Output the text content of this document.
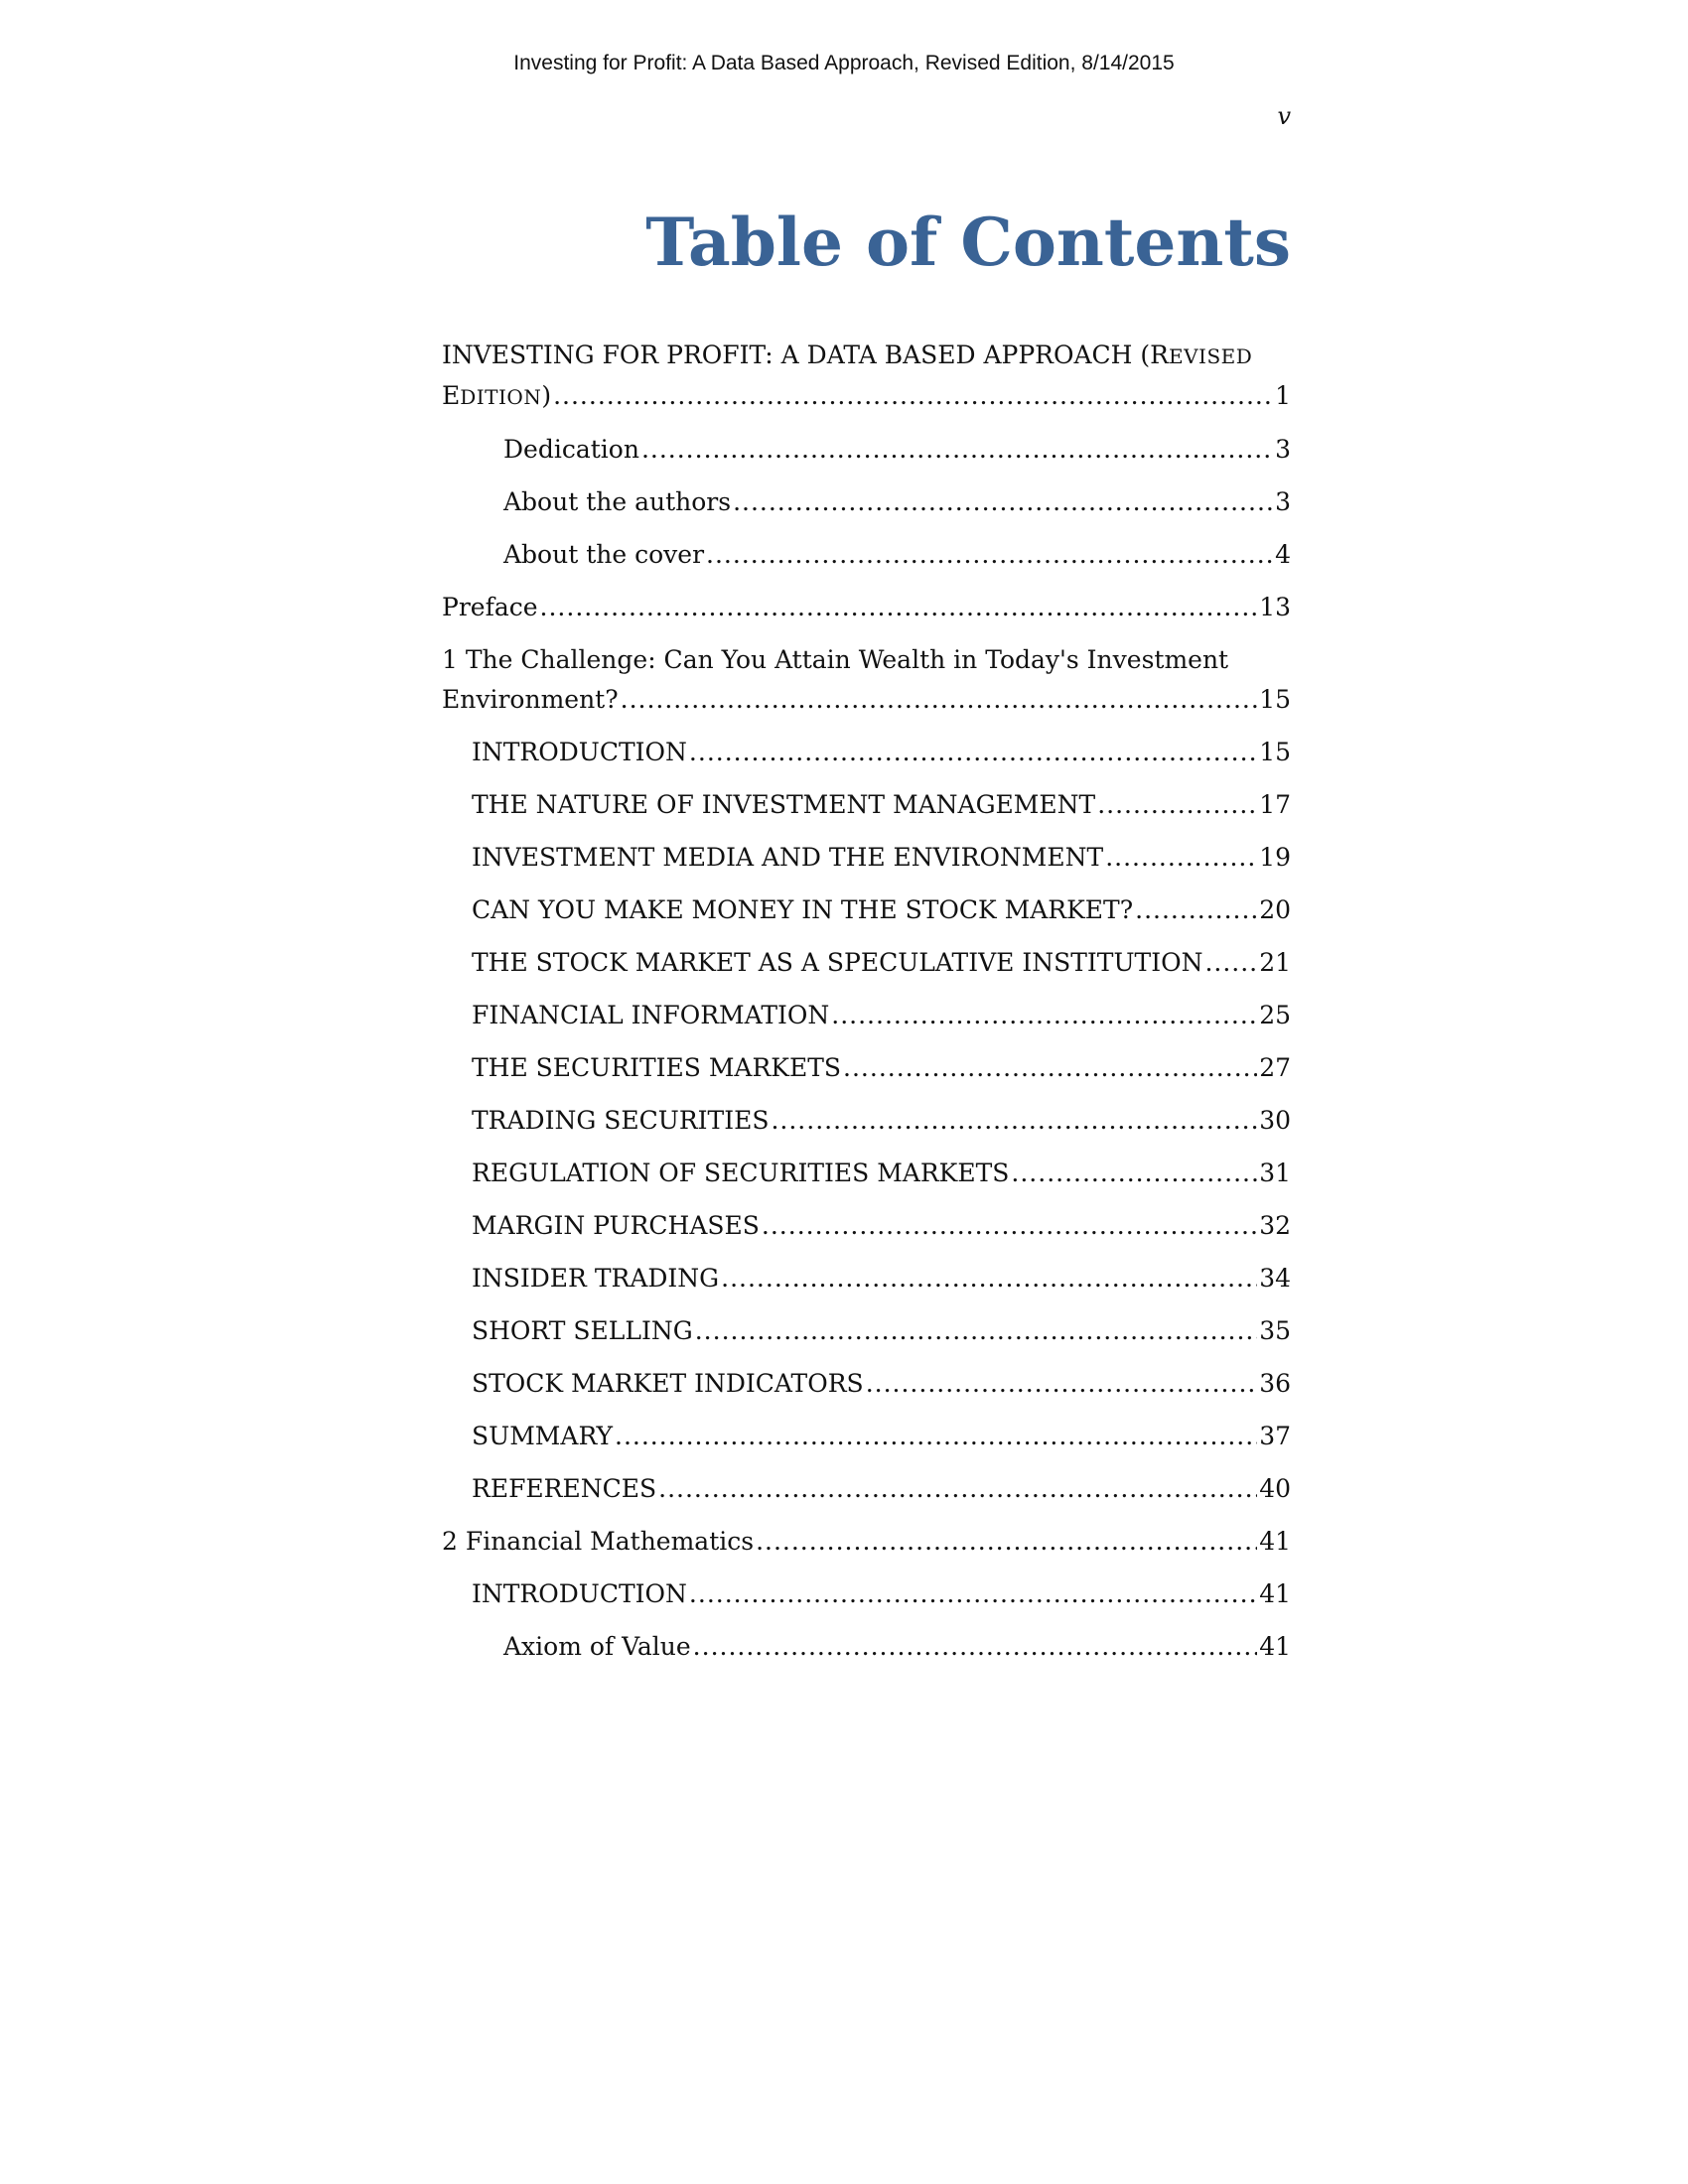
Investing for Profit: A Data Based Approach, Revised Edition, 8/14/2015
v
Table of Contents
INVESTING FOR PROFIT: A DATA BASED APPROACH (REVISED
EDITION) .....	1
Dedication .....	3
About the authors .....	3
About the cover .....	4
Preface .....	13
1 The Challenge: Can You Attain Wealth in Today's Investment
Environment? .....	15
INTRODUCTION .....	15
THE NATURE OF INVESTMENT MANAGEMENT .....	17
INVESTMENT MEDIA AND THE ENVIRONMENT .....	19
CAN YOU MAKE MONEY IN THE STOCK MARKET? .....	20
THE STOCK MARKET AS A SPECULATIVE INSTITUTION ..... 21
FINANCIAL INFORMATION .....	25
THE SECURITIES MARKETS .....	27
TRADING SECURITIES .....	30
REGULATION OF SECURITIES MARKETS .....	31
MARGIN PURCHASES .....	32
INSIDER TRADING .....	34
SHORT SELLING .....	35
STOCK MARKET INDICATORS .....	36
SUMMARY .....	37
REFERENCES .....	40
2 Financial Mathematics .....	41
INTRODUCTION .....	41
Axiom of Value .....	41
